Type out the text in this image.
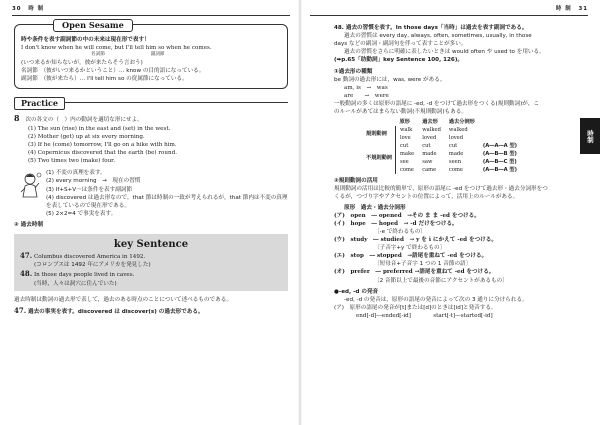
30 時 制
Open Sesame
時や条件を表す副詞節の中の未来は現在形で表す！
I don't know when he will come, but I'll tell him so when he comes.
名詞節　　　　　　　　　　副詞節
(いつ来るか知らないが，彼が来たらそう言おう)
名詞節　（彼がいつ来るかということ）… know の目的語になっている。
副詞節　（彼が来たら）… I'll tell him so の従属節になっている。
Practice
8 次の各文の（　）内の動詞を適切な形にせよ。
(1) The sun (rise) in the east and (set) in the west.
(2) Mother (get) up at six every morning.
(3) If he (come) tomorrow, I'll go on a hike with him.
(4) Copernicus discovered that the earth (be) round.
(5) Two times two (make) four.
(1) 不変の真理を表す。
(2) every morning　→　現在の習慣
(3) If+S+V〜は条件を表す副詞節
(4) discovered は過去形なので，that 節は時制の一致が考えられるが，that 節内は不変の真理を表しているので現在形である。
(5) 2×2=4 で事実を表す。
② 過去時制
key Sentence
47. Columbus discovered America in 1492.
(コロンブスは 1492 年にアメリカを発見した)
48. In those days people lived in caves.
(当時，人々は洞穴に住んでいた)
過去時制は動詞の過去形で表して，過去のある時点のことについて述べるものである。
47. 過去の事実を表す。discovered は discover(s) の過去形である。
時 制 31
時制
48. 過去の習慣を表す。In those days「当時」は過去を表す副詞である。
過去の習慣は every day, always, often, sometimes, usually, in those
days などの副詞・副詞句を伴って表すことが多い。
過去の習慣をさらに明確に表したいときは would often や used to を用いる。
(➡p.65「助動詞」key Sentence 100, 126)。
①過去形の種類
be 動詞の過去形には，was, were がある。
am, is　→　was
are　　→　were
一般動詞の多くは原形の語尾に -ed, -d をつけて過去形をつくる(規則動詞)が，こ
のルールがあてはまらない動詞(不規則動詞)もある。
	原形	過去形	過去分詞形	
規則動詞	walk	walked	walked	
	love	loved	loved	
不規則動詞	cut	cut	cut	(A―A―A 型)
	make	made	made	(A―B―B 型)
	see	saw	seen	(A―B―C 型)
	come	came	come	(A―B―A 型)
②規則動詞の活用
規則動詞の活用は比較的簡単で，原形の語尾に -ed をつけて過去形・過去分詞形をつ
くるが，つづり字やアクセントの位置によって，活用上のルールがある。
原形　過去・過去分詞形
(ア)　open　― opened　→その ま ま -ed をつける。
(イ)　hope　― hoped　→ -d だけをつける。
〔-e で終わるもの〕
(ウ)　study　― studied　→ y を i にかえて -ed をつける。
〔子音字+y で終わるもの〕
(エ)　stop　― stopped　→語尾を重ねて -ed をつける。
〔短母音+子音字 1 つの 1 音節の語〕
(オ)　prefer　― preferred →語尾を重ねて -ed をつける。
〔2 音節以上で最後の音節にアクセントがあるもの〕
●-ed, -d の発音
-ed, -d の発音は，原形の語尾の発音によって次の 3 通りに分けられる。
(ア)　原形の語尾の発音が[t]または[d]のときは[id]と発音する。
end[-d]―ended[-id]　　　　start[-t]―started[-id]
